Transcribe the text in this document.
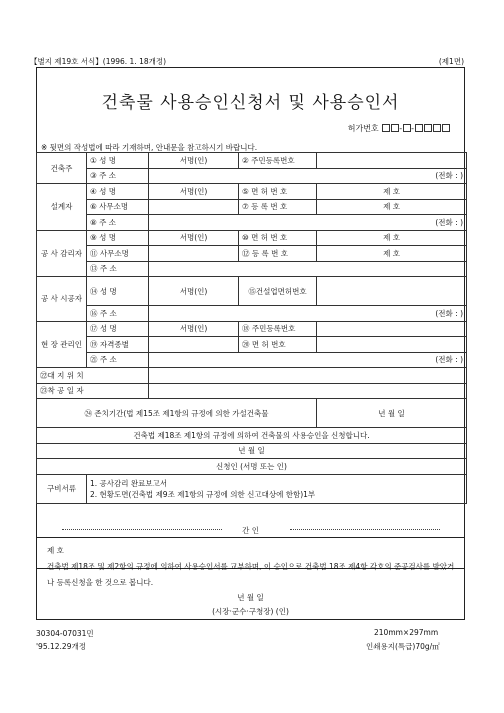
【별지 제19호 서식】(1996. 1. 18개정)	(제1면)
건축물 사용승인신청서 및 사용승인서
허가번호	- -
※ 뒷면의 작성법에 따라 기재하며, 안내문을 참고하시기 바랍니다.
건축주	① 성 명	서명(인)	② 주민등록번호	
	③ 주 소	(전화 : )		
설계자	④ 성 명	서명(인)	⑤ 면 허 번 호	제 호
	⑥ 사무소명		⑦ 등 록 번 호	제 호
	⑧ 주 소	(전화 : )		
공 사 감리자	⑨ 성 명	서명(인)	⑩ 면 허 번 호	제 호
	⑪ 사무소명		⑫ 등 록 번 호	제 호
	⑬ 주 소			
공 사 시공자	⑭ 성 명	서명(인)	⑮건설업면허번호	
	⑯ 주 소	(전화 : )		
현 장 관리인	⑰ 성 명	서명(인)	⑱ 주민등록번호	
	⑲ 자격종별		⑳ 면 허 번호	
	㉑ 주 소	(전화 : )		
㉒대 지 위 치				
㉓착 공 일 자				
㉔ 존치기간(법 제15조 제1항의 규정에 의한 가설건축물				년 월 일
건축법 제18조 제1항의 규정에 의하여 건축물의 사용승인을 신청합니다.				
년 월 일				
신청인 (서명 또는 인)				
구비서류	1. 공사감리 완료보고서
2. 현황도면(건축법 제9조 제1항의 규정에 의한 신고대상에 한함)1부			
간 인
제 호
건축법 제18조 및 제2항의 규정에 의하여 사용승인서를 교부하며, 이 승인으로 건축법 18조 제4항 각호의 준공검사를 받았거나 등록신청을 한 것으로 봅니다.
년 월 일
(시장·군수·구청장) (인)
30304-07031민
'95.12.29개정
210mm×297mm
인쇄용지(특급)70g/㎡
